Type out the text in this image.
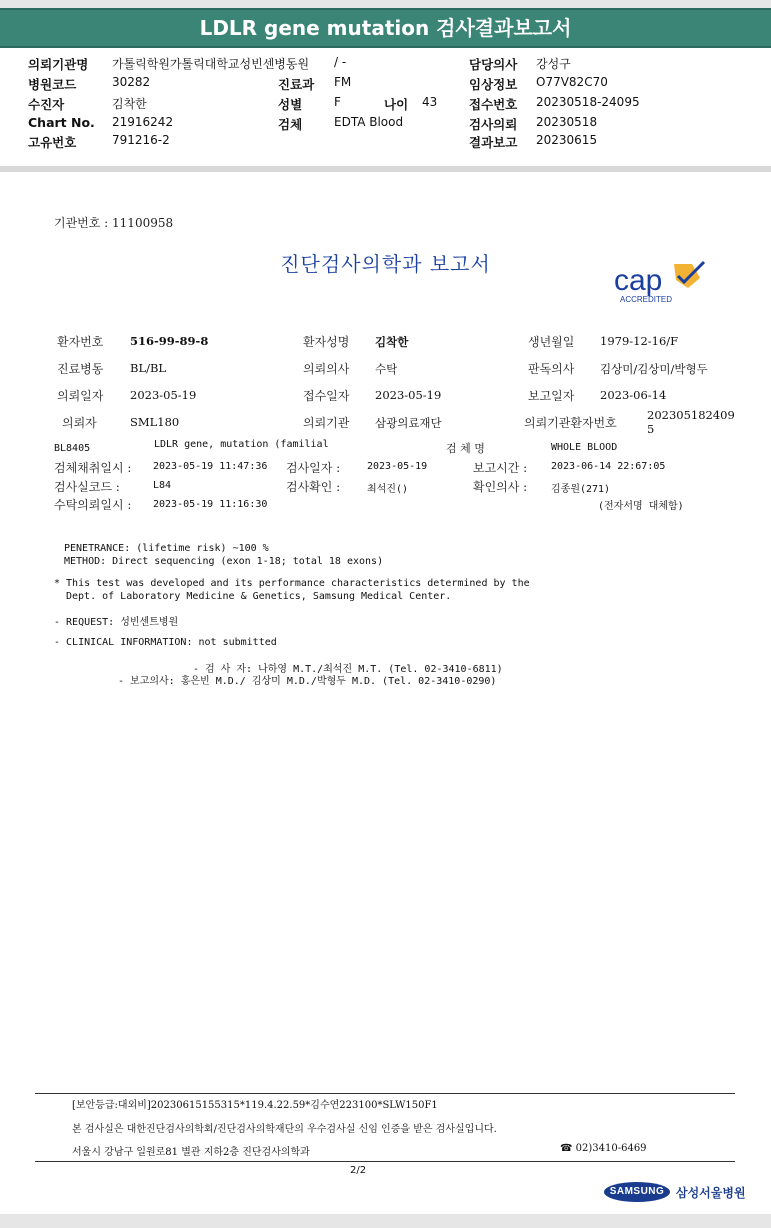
LDLR gene mutation 검사결과보고서
의뢰기관명 가톨릭학원가톨릭대학교성빈센병동원 / -	담당의사 강성구
병원코드	30282	진료과 FM	임상정보 O77V82C70
수진자	김착한	성별	F	나이 43	접수번호 20230518-24095
Chart No. 21916242	검체	EDTA Blood	검사의뢰 20230518
고유번호	791216-2	결과보고 20230615
기관번호 : 11100958
진단검사의학과 보고서	cap
ACCREDITED
환자번호 516-99-89-8	환자성명 김착한	생년월일 1979-12-16/F
진료병동 BL/BL	의뢰의사 수탁	판독의사 김상미/김상미/박형두
의뢰일자 2023-05-19	접수일자 2023-05-19	보고일자 2023-06-14
의뢰자	SML180	의뢰기관 삼광의료재단	의뢰기관환자번호
202305182409
5
BL8405	LDLR gene, mutation (familial	검 체 명	WHOLE BLOOD
검체채취일시 : 2023-05-19 11:47:36 검사일자 :	2023-05-19	보고시간 : 2023-06-14 22:67:05
검사실코드 :	L84	검사확인 :	최석진()	확인의사 : 김종원(271)
수탁의뢰일시 : 2023-05-19 11:16:30	(전자서명 대체함)
PENETRANCE: (lifetime risk) ~100 %
METHOD: Direct sequencing (exon 1-18; total 18 exons)
* This test was developed and its performance characteristics determined by the
Dept. of Laboratory Medicine & Genetics, Samsung Medical Center.
- REQUEST: 성빈센트병원
- CLINICAL INFORMATION: not submitted
- 검 사 자: 나하영 M.T./최석진 M.T. (Tel. 02-3410-6811)
- 보고의사: 홍은빈 M.D./ 김상미 M.D./박형두 M.D. (Tel. 02-3410-0290)
[보안등급:대외비]20230615155315*119.4.22.59*김수연223100*SLW150F1
본 검사실은 대한진단검사의학회/진단검사의학재단의 우수검사실 신임 인증을 받은 검사실입니다.
서울시 강남구 일원로81 별관 지하2층 진단검사의학과	☎ 02)3410-6469
2/2
SAMSUNG 삼성서울병원
